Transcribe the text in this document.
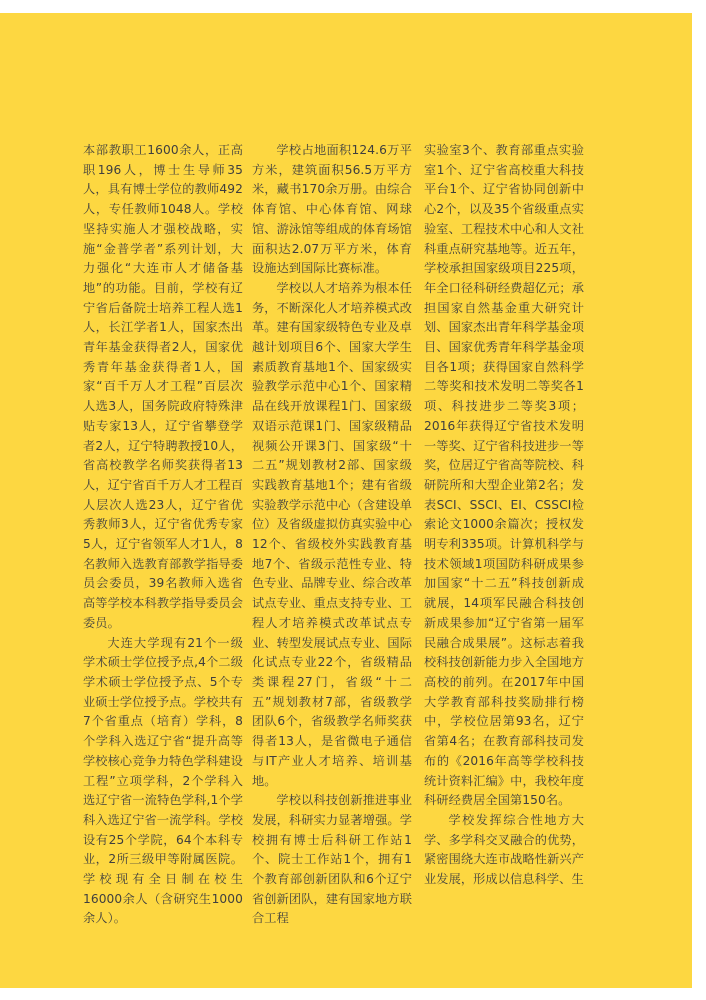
本部教职工1600余人，正高职196人，博士生导师35人，具有博士学位的教师492人，专任教师1048人。学校坚持实施人才强校战略，实施“金普学者”系列计划，大力强化“大连市人才储备基地”的功能。目前，学校有辽宁省后备院士培养工程人选1人，长江学者1人，国家杰出青年基金获得者2人，国家优秀青年基金获得者1人，国家“百千万人才工程”百层次人选3人，国务院政府特殊津贴专家13人，辽宁省攀登学者2人，辽宁特聘教授10人，省高校教学名师奖获得者13人，辽宁省百千万人才工程百人层次人选23人，辽宁省优秀教师3人，辽宁省优秀专家5人，辽宁省领军人才1人，8名教师入选教育部教学指导委员会委员，39名教师入选省高等学校本科教学指导委员会委员。

大连大学现有21个一级学术硕士学位授予点,4个二级学术硕士学位授予点、5个专业硕士学位授予点。学校共有7个省重点（培育）学科，8个学科入选辽宁省“提升高等学校核心竞争力特色学科建设工程”立项学科，2个学科入选辽宁省一流特色学科,1个学科入选辽宁省一流学科。学校设有25个学院，64个本科专业，2所三级甲等附属医院。学校现有全日制在校生16000余人（含研究生1000余人）。

学校占地面积124.6万平方米，建筑面积56.5万平方米，藏书170余万册。由综合体育馆、中心体育馆、网球馆、游泳馆等组成的体育场馆面积达2.07万平方米，体育设施达到国际比赛标准。

学校以人才培养为根本任务，不断深化人才培养模式改革。建有国家级特色专业及卓越计划项目6个、国家大学生素质教育基地1个、国家级实验教学示范中心1个、国家精品在线开放课程1门、国家级双语示范课1门、国家级精品视频公开课3门、国家级“十二五”规划教材2部、国家级实践教育基地1个；建有省级实验教学示范中心（含建设单位）及省级虚拟仿真实验中心12个、省级校外实践教育基地7个、省级示范性专业、特色专业、品牌专业、综合改革试点专业、重点支持专业、工程人才培养模式改革试点专业、转型发展试点专业、国际化试点专业22个，省级精品类课程27门，省级“十二五”规划教材7部，省级教学团队6个，省级教学名师奖获得者13人，是省微电子通信与IT产业人才培养、培训基地。

学校以科技创新推进事业发展，科研实力显著增强。学校拥有博士后科研工作站1个、院士工作站1个，拥有1个教育部创新团队和6个辽宁省创新团队，建有国家地方联合工程

实验室3个、教育部重点实验室1个、辽宁省高校重大科技平台1个、辽宁省协同创新中心2个，以及35个省级重点实验室、工程技术中心和人文社科重点研究基地等。近五年，学校承担国家级项目225项，年全口径科研经费超亿元；承担国家自然基金重大研究计划、国家杰出青年科学基金项目、国家优秀青年科学基金项目各1项；获得国家自然科学二等奖和技术发明二等奖各1项、科技进步二等奖3项；2016年获得辽宁省技术发明一等奖、辽宁省科技进步一等奖，位居辽宁省高等院校、科研院所和大型企业第2名；发表SCI、SSCI、EI、CSSCI检索论文1000余篇次；授权发明专利335项。计算机科学与技术领域1项国防科研成果参加国家“十二五”科技创新成就展，14项军民融合科技创新成果参加“辽宁省第一届军民融合成果展”。这标志着我校科技创新能力步入全国地方高校的前列。在2017年中国大学教育部科技奖励排行榜中，学校位居第93名，辽宁省第4名；在教育部科技司发布的《2016年高等学校科技统计资料汇编》中，我校年度科研经费居全国第150名。

学校发挥综合性地方大学、多学科交叉融合的优势，紧密围绕大连市战略性新兴产业发展，形成以信息科学、生
